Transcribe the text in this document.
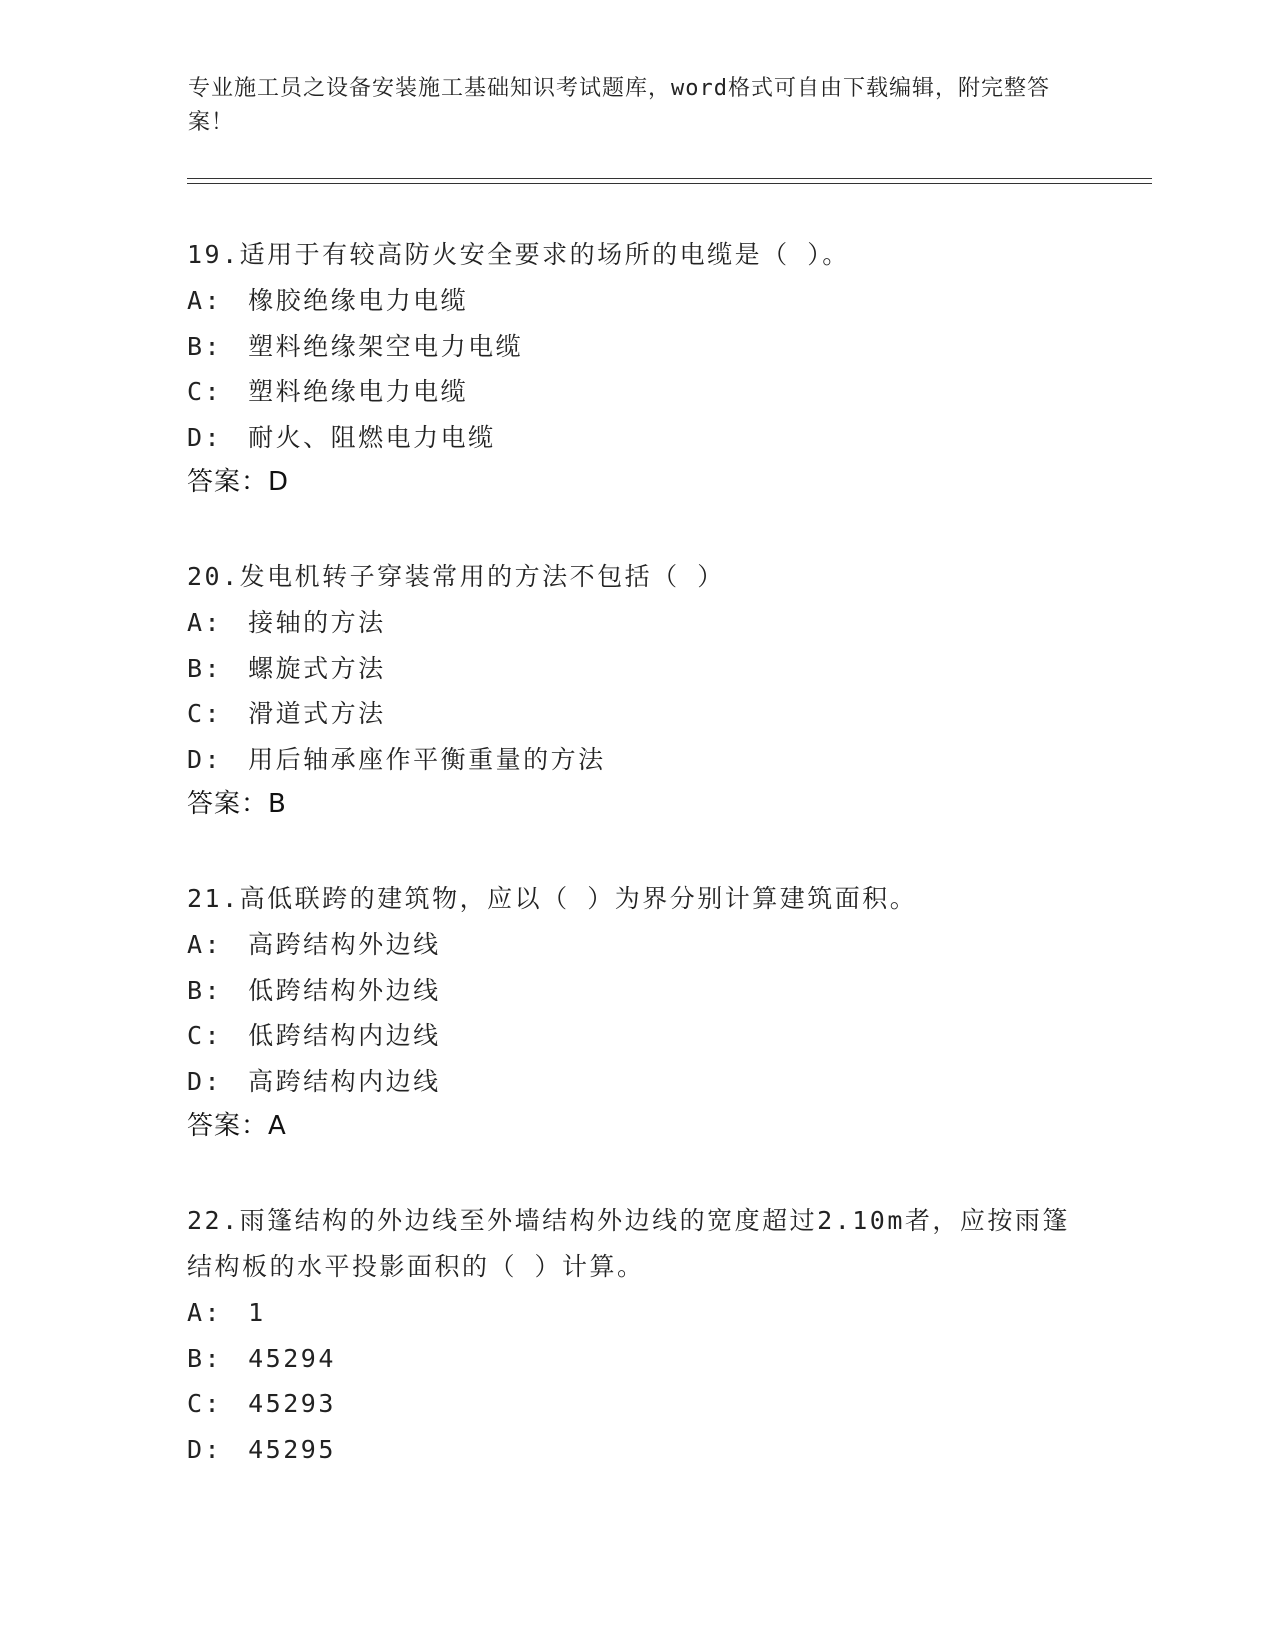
专业施工员之设备安装施工基础知识考试题库，word格式可自由下载编辑，附完整答案！

19.适用于有较高防火安全要求的场所的电缆是（ ）。

A: 橡胶绝缘电力电缆

B: 塑料绝缘架空电力电缆

C: 塑料绝缘电力电缆

D: 耐火、阻燃电力电缆

答案：D

20.发电机转子穿装常用的方法不包括（ ）

A: 接轴的方法

B: 螺旋式方法

C: 滑道式方法

D: 用后轴承座作平衡重量的方法

答案：B

21.高低联跨的建筑物，应以（ ）为界分别计算建筑面积。

A: 高跨结构外边线

B: 低跨结构外边线

C: 低跨结构内边线

D: 高跨结构内边线

答案：A

22.雨篷结构的外边线至外墙结构外边线的宽度超过2.10m者，应按雨篷结构板的水平投影面积的（ ）计算。

A: 1

B: 45294

C: 45293

D: 45295
